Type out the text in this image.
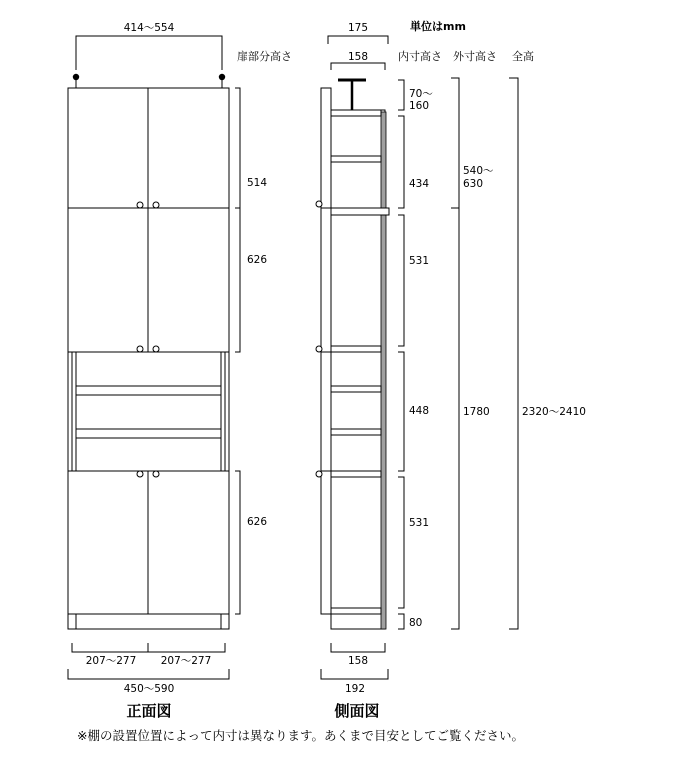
単位はmm
扉部分高さ	内寸高さ 外寸高さ 全高
414〜554
514
626
626
207〜277 207〜277
450〜590
正面図
175
158
70〜 160
434
531
448
531
80
540〜 630
1780	2320〜2410
158
192
側面図
※棚の設置位置によって内寸は異なります。あくまで目安としてご覧ください。
